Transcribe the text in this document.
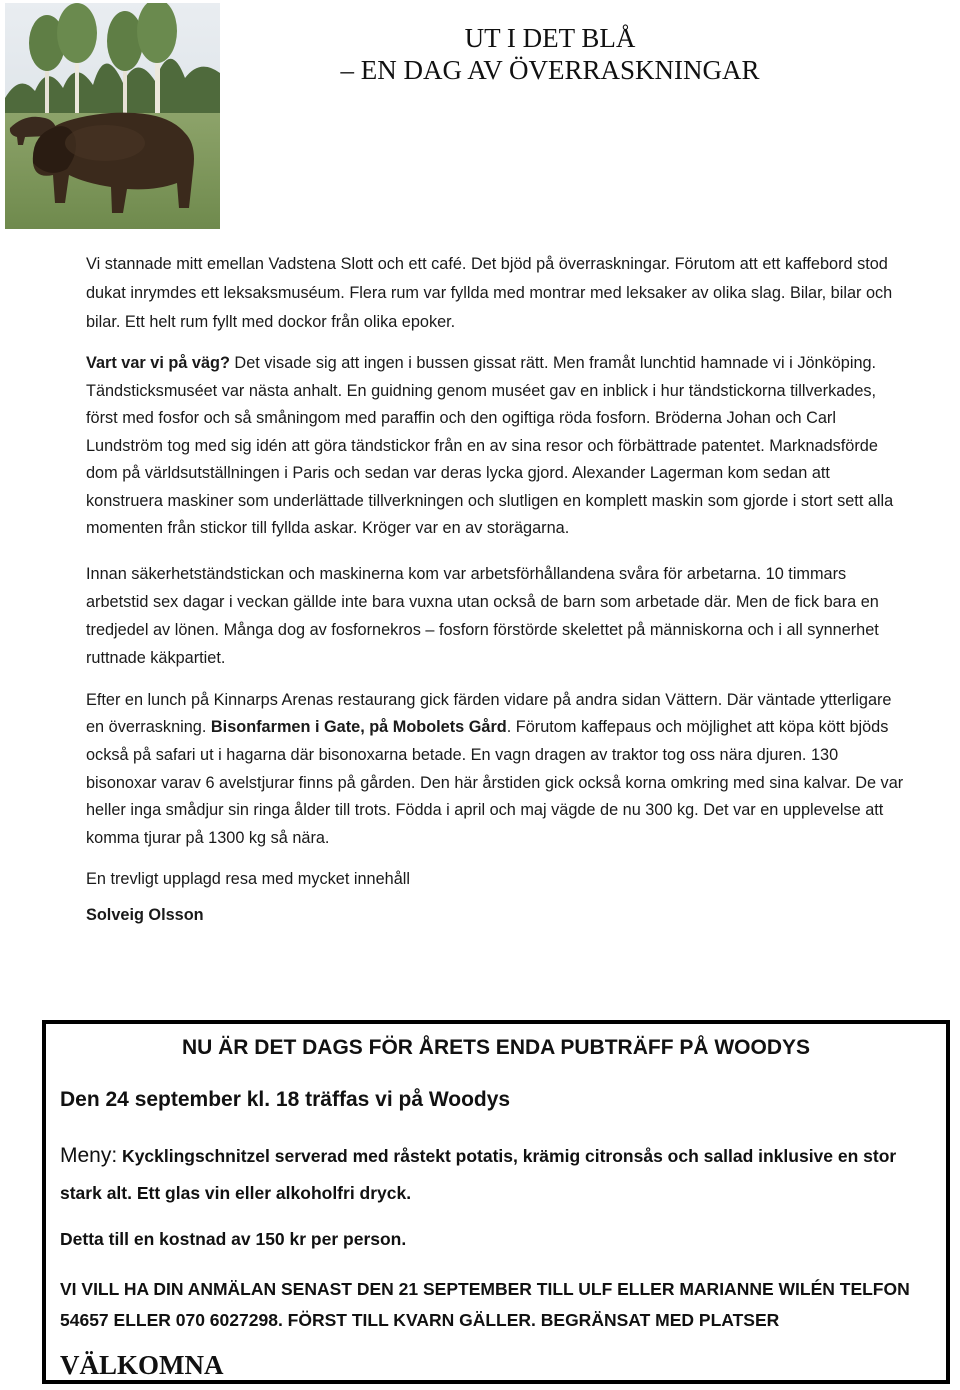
UT I DET BLÅ
– EN DAG AV ÖVERRASKNINGAR

Vi stannade mitt emellan Vadstena Slott och ett café. Det bjöd på överraskningar. Förutom att ett kaffebord stod dukat inrymdes ett leksaksmuséum. Flera rum var fyllda med montrar med leksaker av olika slag. Bilar, bilar och bilar. Ett helt rum fyllt med dockor från olika epoker.

Vart var vi på väg? Det visade sig att ingen i bussen gissat rätt. Men framåt lunchtid hamnade vi i Jönköping. Tändsticksmuséet var nästa anhalt. En guidning genom muséet gav en inblick i hur tändstickorna tillverkades, först med fosfor och så småningom med paraffin och den ogiftiga röda fosforn. Bröderna Johan och Carl Lundström tog med sig idén att göra tändstickor från en av sina resor och förbättrade patentet. Marknadsförde dom på världsutställningen i Paris och sedan var deras lycka gjord. Alexander Lagerman kom sedan att konstruera maskiner som underlättade tillverkningen och slutligen en komplett maskin som gjorde i stort sett alla momenten från stickor till fyllda askar. Kröger var en av storägarna.

Innan säkerhetständstickan och maskinerna kom var arbetsförhållandena svåra för arbetarna. 10 timmars arbetstid sex dagar i veckan gällde inte bara vuxna utan också de barn som arbetade där. Men de fick bara en tredjedel av lönen. Många dog av fosfornekros – fosforn förstörde skelettet på människorna och i all synnerhet ruttnade käkpartiet.

Efter en lunch på Kinnarps Arenas restaurang gick färden vidare på andra sidan Vättern. Där väntade ytterligare en överraskning. Bisonfarmen i Gate, på Mobolets Gård. Förutom kaffepaus och möjlighet att köpa kött bjöds också på safari ut i hagarna där bisonoxarna betade. En vagn dragen av traktor tog oss nära djuren. 130 bisonoxar varav 6 avelstjurar finns på gården. Den här årstiden gick också korna omkring med sina kalvar. De var heller inga smådjur sin ringa ålder till trots. Födda i april och maj vägde de nu 300 kg. Det var en upplevelse att komma tjurar på 1300 kg så nära.

En trevligt upplagd resa med mycket innehåll

Solveig Olsson

NU ÄR DET DAGS FÖR ÅRETS ENDA PUBTRÄFF PÅ WOODYS
Den 24 september kl. 18 träffas vi på Woodys
Meny: Kycklingschnitzel serverad med råstekt potatis, krämig citronsås och sallad inklusive en stor stark alt. Ett glas vin eller alkoholfri dryck.
Detta till en kostnad av 150 kr per person.
VI VILL HA DIN ANMÄLAN SENAST DEN 21 SEPTEMBER TILL ULF ELLER MARIANNE WILÉN TELFON 54657 ELLER 070 6027298. FÖRST TILL KVARN GÄLLER. BEGRÄNSAT MED PLATSER
VÄLKOMNA
